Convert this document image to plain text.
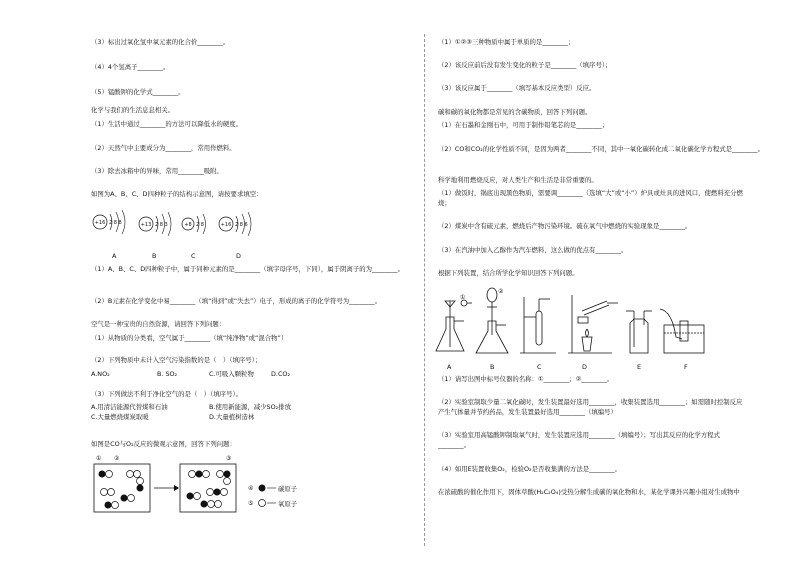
（3）标出过氧化氢中氧元素的化合价________。
（4）4个氢离子________。
（5）锰酸钾的化学式________。
化学与我们的生活息息相关。
（1）生活中通过________的方法可以降低水的硬度。
（2）天然气中主要成分为________，常用作燃料。
（3）除去冰箱中的异味，常用________吸附。
如图为A、B、C、D四种粒子的结构示意图，请按要求填空：
+16 2 8 8	+13 2 8 3	+8 2 8	+16 2 8 6
A	B	C	D
（1）A、B、C、D四种粒子中，属于同种元素的是________（填字母序号，下同），属于阴离子的为________。
（2）B元素在化学变化中易________（填“得到”或“失去”）电子，形成的离子的化学符号为________。
空气是一种宝贵的自然资源，请回答下列问题：
（1）从物质的分类看，空气属于________（填“纯净物”或“混合物”）
（2）下列物质中未计入空气污染指数的是（　）（填序号）；
A.NO₂	B. SO₂	C.可吸入颗粒物	D.CO₂
（3）下列做法不利于净化空气的是（　）（填序号）。
A.用清洁能源代替煤和石油	B.使用新能源，减少SO₂排放
C.大量燃烧煤炭取暖	D.大量植树造林
如图是CO与O₂反应的微观示意图，回答下列问题：
① ②	③
④
⑤
碳原子
氧原子
（1）①②③三种物质中属于单质的是________；
（2）该反应前后没有发生变化的粒子是________（填序号）；
（3）该反应属于________（填写基本反应类型）反应。
碳和碳的氧化物都是常见的含碳物质，回答下列问题。
（1）在石墨和金刚石中，可用于制作铅笔芯的是________；
（2）CO和CO₂的化学性质不同，是因为两者________不同，其中一氧化碳转化成二氧化碳化学方程式是________。
科学地利用燃烧反应，对人类生产和生活是非常重要的。
（1）做饭时，锅底出现黑色物质，需要调________（选填“大”或“小”）炉具或灶具的进风口，使燃料充分燃
烧；
（2）煤炭中含有硫元素，燃烧后产物污染环境。硫在氧气中燃烧的实验现象是________。
（3）在汽油中加入乙醇作为汽车燃料，这么做的优点有________。
根据下列装置，结合所学化学知识回答下列问题。
①
②
A	B	C	D	E	F
（1）请写出图中标号仪器的名称：①________；②________。
（2）实验室制取少量二氧化碳时，发生装置最好选用________，收集装置选用________；如需随时控制反应
产生气体量并节约药品，发生装置最好选用________（填编号）
（3）实验室用高锰酸钾制取氧气时，发生装置应选用________（填编号）；写出其反应的化学方程式
________。
（4）如用E装置收集O₂，检验O₂是否收集满的方法是________。
在浓硫酸的催化作用下，固体草酸(H₂C₂O₄)受热分解生成碳的氧化物和水，某化学课外兴趣小组对生成物中
